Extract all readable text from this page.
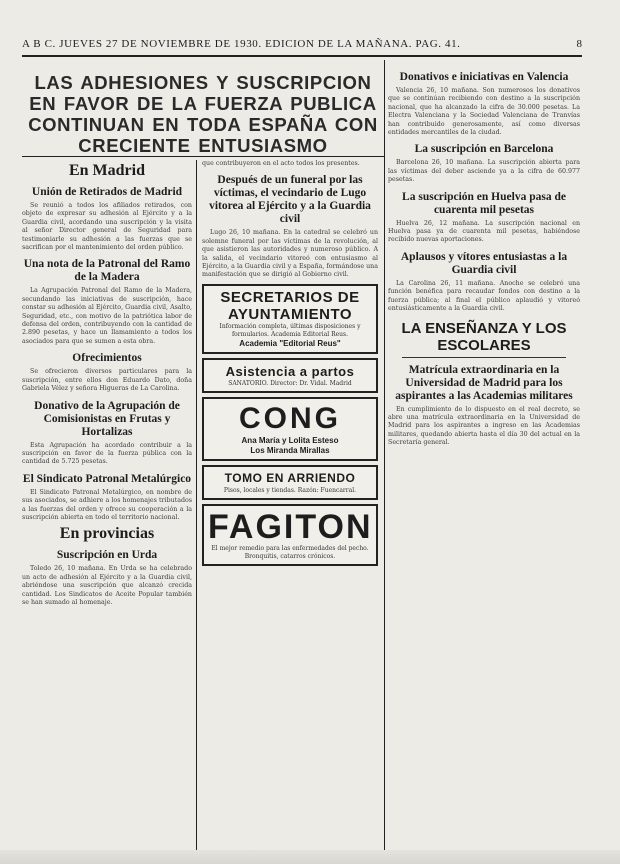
A B C. JUEVES 27 DE NOVIEMBRE DE 1930. EDICION DE LA MAÑANA. PAG. 41.	8
LAS ADHESIONES Y SUSCRIPCION EN FAVOR DE LA FUERZA PUBLICA CONTINUAN EN TODA ESPAÑA CON CRECIENTE ENTUSIASMO
En Madrid
Unión de Retirados de Madrid

Se reunió a todos los afiliados retirados, con objeto de expresar su adhesión al Ejército y a la Guardia civil, acordando una suscripción y la visita al señor Director general de Seguridad para testimoniarle su adhesión a las fuerzas que se sacrifican por el mantenimiento del orden público.

Una nota de la Patronal del Ramo de la Madera

La Agrupación Patronal del Ramo de la Madera, secundando las iniciativas de suscripción, hace constar su adhesión al Ejército, Guardia civil, Asalto, Seguridad, etc., con motivo de la patriótica labor de defensa del orden, contribuyendo con la cantidad de 2.890 pesetas, y hace un llamamiento a todos los asociados para que se sumen a esta obra.

Ofrecimientos

Se ofrecieron diversos particulares para la suscripción, entre ellos don Eduardo Dato, doña Gabriela Vélez y señora Higueras de La Carolina.

Donativo de la Agrupación de Comisionistas en Frutas y Hortalizas

Esta Agrupación ha acordado contribuir a la suscripción en favor de la fuerza pública con la cantidad de 5.725 pesetas.

El Sindicato Patronal Metalúrgico

El Sindicato Patronal Metalúrgico, en nombre de sus asociados, se adhiere a los homenajes tributados a las fuerzas del orden y ofrece su cooperación a la suscripción abierta en todo el territorio nacional.

En provincias
Suscripción en Urda

Toledo 26, 10 mañana. En Urda se ha celebrado un acto de adhesión al Ejército y a la Guardia civil, abriéndose una suscripción que alcanzó crecida cantidad. Los Sindicatos de Aceite Popular también se han sumado al homenaje.

que contribuyeron en el acto todos los presentes.

Después de un funeral por las víctimas, el vecindario de Lugo vitorea al Ejército y a la Guardia civil

Lugo 26, 10 mañana. En la catedral se celebró un solemne funeral por las víctimas de la revolución, al que asistieron las autoridades y numeroso público. A la salida, el vecindario vitoreó con entusiasmo al Ejército, a la Guardia civil y a España, formándose una manifestación que se dirigió al Gobierno civil.

SECRETARIOS DE AYUNTAMIENTO
Información completa, últimas disposiciones y formularios. Academia Editorial Reus.
Academia "Editorial Reus"
Asistencia a partos
SANATORIO. Director: Dr. Vidal. Madrid
CONG
Ana María y Lolita Esteso
Los Miranda Mirallas
TOMO EN ARRIENDO
Pisos, locales y tiendas. Razón: Fuencarral.
FAGITON
El mejor remedio para las enfermedades del pecho. Bronquitis, catarros crónicos.
Donativos e iniciativas en Valencia

Valencia 26, 10 mañana. Son numerosos los donativos que se continúan recibiendo con destino a la suscripción nacional, que ha alcanzado la cifra de 30.000 pesetas. La Electra Valenciana y la Sociedad Valenciana de Tranvías han contribuido generosamente, así como diversas entidades mercantiles de la ciudad.

La suscripción en Barcelona

Barcelona 26, 10 mañana. La suscripción abierta para las víctimas del deber asciende ya a la cifra de 60.977 pesetas.

La suscripción en Huelva pasa de cuarenta mil pesetas

Huelva 26, 12 mañana. La suscripción nacional en Huelva pasa ya de cuarenta mil pesetas, habiéndose recibido nuevas aportaciones.

Aplausos y vítores entusiastas a la Guardia civil

La Carolina 26, 11 mañana. Anoche se celebró una función benéfica para recaudar fondos con destino a la fuerza pública; al final el público aplaudió y vitoreó entusiásticamente a la Guardia civil.

LA ENSEÑANZA Y LOS ESCOLARES
Matrícula extraordinaria en la Universidad de Madrid para los aspirantes a las Academias militares

En cumplimiento de lo dispuesto en el real decreto, se abre una matrícula extraordinaria en la Universidad de Madrid para los aspirantes a ingreso en las Academias militares, quedando abierta hasta el día 30 del actual en la Secretaría general.
